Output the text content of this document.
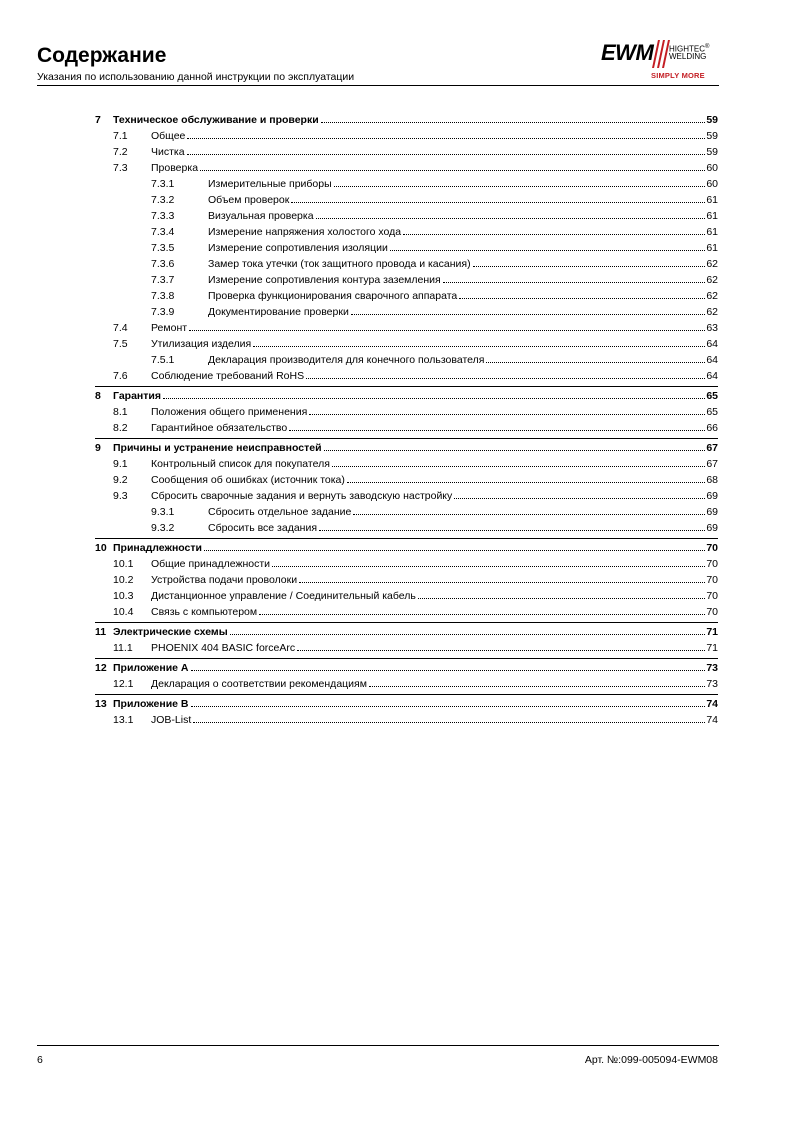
Содержание
Указания по использованию данной инструкции по эксплуатации
EWM HIGHTEC®
WELDING
SIMPLY MORE
7 Техническое обслуживание и проверки	59
7.1 Общее	59
7.2 Чистка	59
7.3 Проверка	60
7.3.1	Измерительные приборы	60
7.3.2	Объем проверок	61
7.3.3	Визуальная проверка	61
7.3.4	Измерение напряжения холостого хода	61
7.3.5	Измерение сопротивления изоляции	61
7.3.6	Замер тока утечки (ток защитного провода и касания)	62
7.3.7	Измерение сопротивления контура заземления	62
7.3.8	Проверка функционирования сварочного аппарата	62
7.3.9	Документирование проверки	62
7.4 Ремонт	63
7.5 Утилизация изделия	64
7.5.1	Декларация производителя для конечного пользователя	64
7.6 Соблюдение требований RoHS	64
8 Гарантия	65
8.1 Положения общего применения	65
8.2 Гарантийное обязательство	66
9 Причины и устранение неисправностей	67
9.1 Контрольный список для покупателя	67
9.2 Сообщения об ошибках (источник тока)	68
9.3 Сбросить сварочные задания и вернуть заводскую настройку	69
9.3.1	Сбросить отдельное задание	69
9.3.2	Сбросить все задания	69
10 Принадлежности	70
10.1 Общие принадлежности	70
10.2 Устройства подачи проволоки	70
10.3 Дистанционное управление / Соединительный кабель	70
10.4 Связь с компьютером	70
11 Электрические схемы	71
11.1 PHOENIX 404 BASIC forceArc	71
12 Приложение A	73
12.1 Декларация о соответствии рекомендациям	73
13 Приложение B	74
13.1 JOB-List	74
6	Арт. №:099-005094-EWM08
